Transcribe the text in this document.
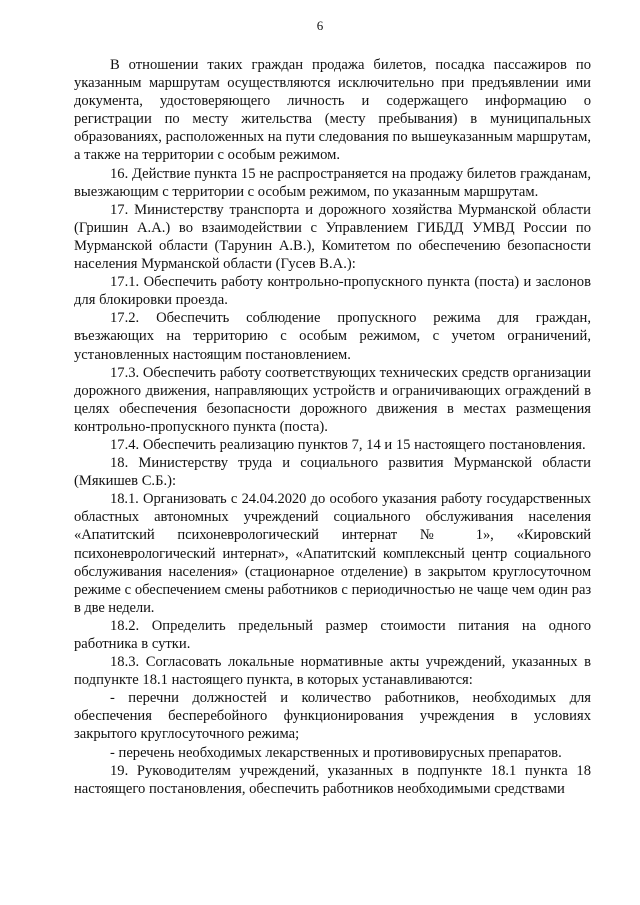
6

В отношении таких граждан продажа билетов, посадка пассажиров по указанным маршрутам осуществляются исключительно при предъявлении ими документа, удостоверяющего личность и содержащего информацию о регистрации по месту жительства (месту пребывания) в муниципальных образованиях, расположенных на пути следования по вышеуказанным маршрутам, а также на территории с особым режимом.

16. Действие пункта 15 не распространяется на продажу билетов гражданам, выезжающим с территории с особым режимом, по указанным маршрутам.

17. Министерству транспорта и дорожного хозяйства Мурманской области (Гришин А.А.) во взаимодействии с Управлением ГИБДД УМВД России по Мурманской области (Тарунин А.В.), Комитетом по обеспечению безопасности населения Мурманской области (Гусев В.А.):

17.1. Обеспечить работу контрольно-пропускного пункта (поста) и заслонов для блокировки проезда.

17.2. Обеспечить соблюдение пропускного режима для граждан, въезжающих на территорию с особым режимом, с учетом ограничений, установленных настоящим постановлением.

17.3. Обеспечить работу соответствующих технических средств организации дорожного движения, направляющих устройств и ограничивающих ограждений в целях обеспечения безопасности дорожного движения в местах размещения контрольно-пропускного пункта (поста).

17.4. Обеспечить реализацию пунктов 7, 14 и 15 настоящего постановления.

18. Министерству труда и социального развития Мурманской области (Мякишев С.Б.):

18.1. Организовать с 24.04.2020 до особого указания работу государственных областных автономных учреждений социального обслуживания населения «Апатитский психоневрологический интернат № 1», «Кировский психоневрологический интернат», «Апатитский комплексный центр социального обслуживания населения» (стационарное отделение) в закрытом круглосуточном режиме с обеспечением смены работников с периодичностью не чаще чем один раз в две недели.

18.2. Определить предельный размер стоимости питания на одного работника в сутки.

18.3. Согласовать локальные нормативные акты учреждений, указанных в подпункте 18.1 настоящего пункта, в которых устанавливаются:

- перечни должностей и количество работников, необходимых для обеспечения бесперебойного функционирования учреждения в условиях закрытого круглосуточного режима;

- перечень необходимых лекарственных и противовирусных препаратов.

19. Руководителям учреждений, указанных в подпункте 18.1 пункта 18 настоящего постановления, обеспечить работников необходимыми средствами
